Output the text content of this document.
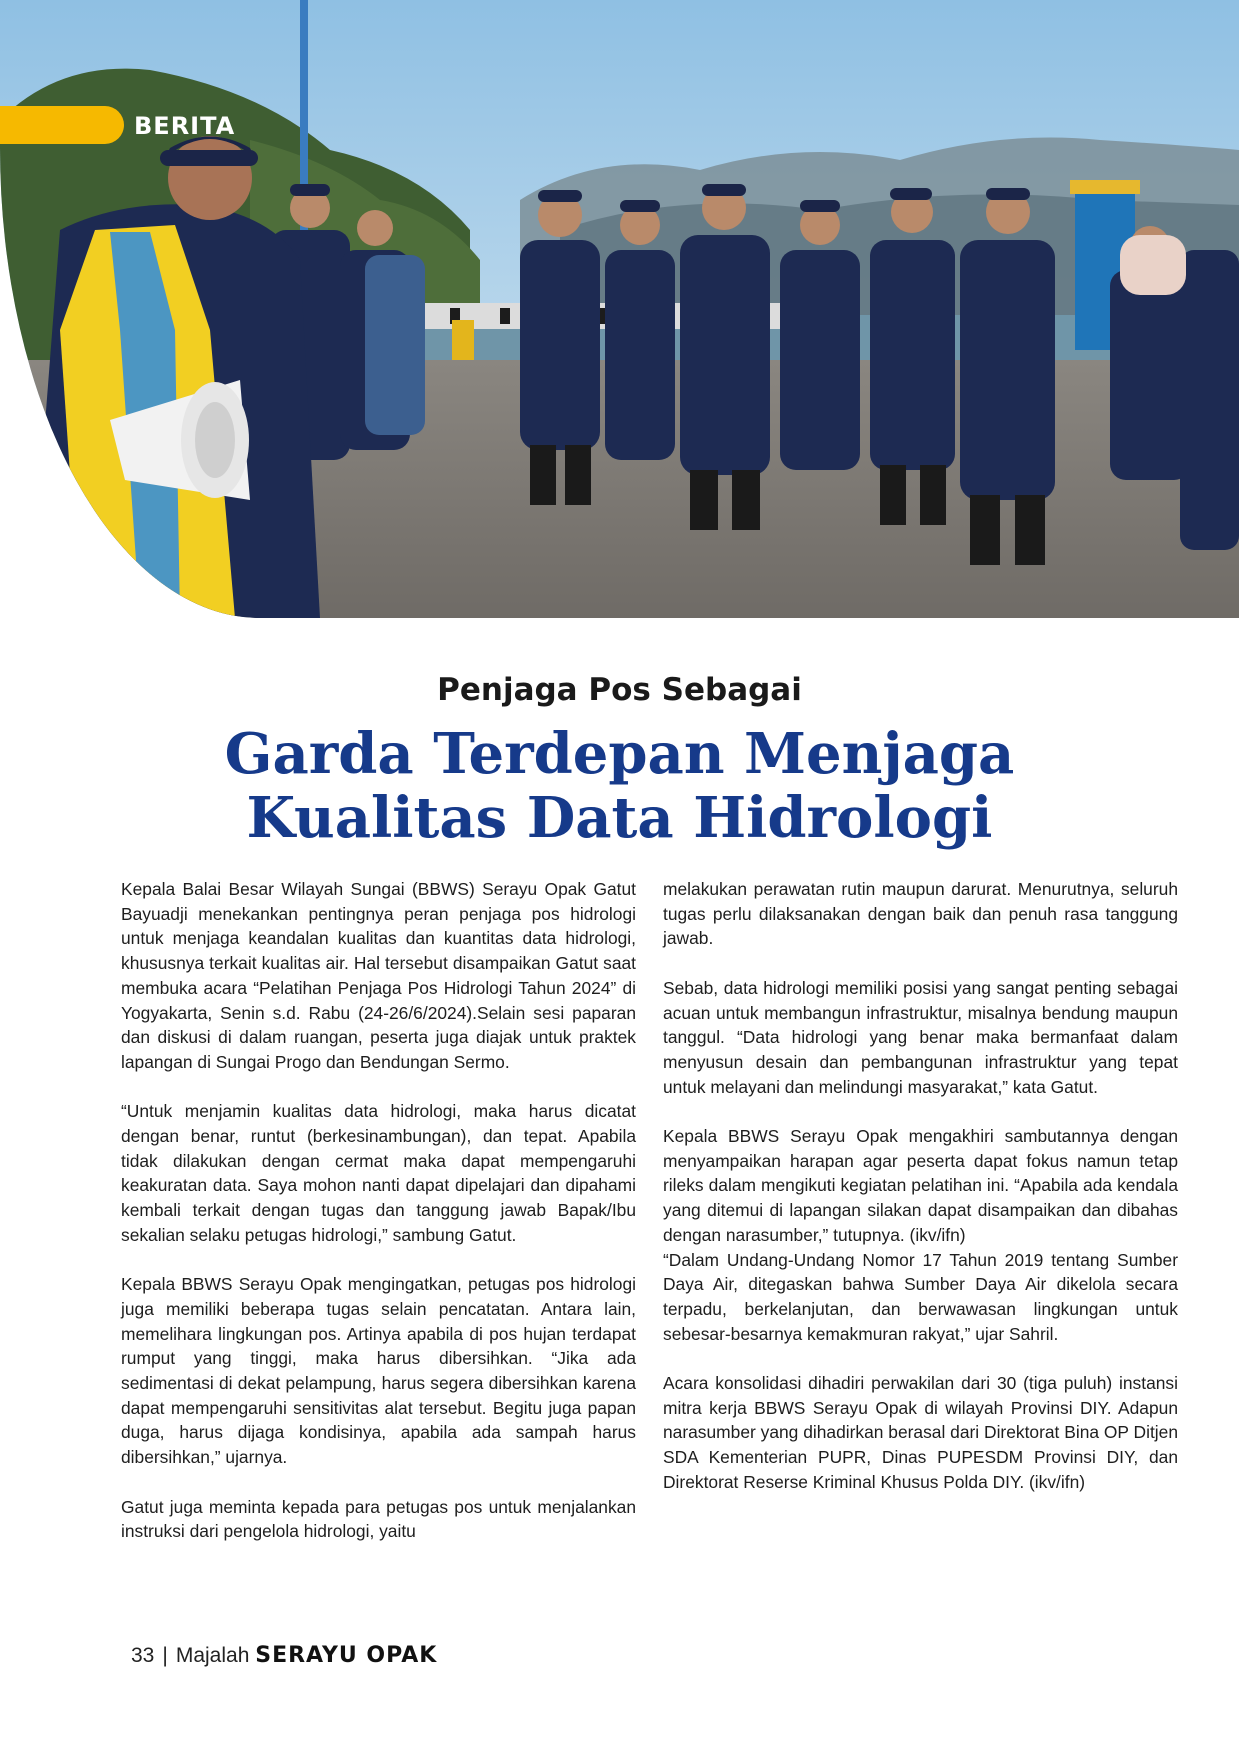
BERITA
Penjaga Pos Sebagai
Garda Terdepan Menjaga
Kualitas Data Hidrologi

Kepala Balai Besar Wilayah Sungai (BBWS) Serayu Opak Gatut Bayuadji menekankan pentingnya peran penjaga pos hidrologi untuk menjaga keandalan kualitas dan kuantitas data hidrologi, khususnya terkait kualitas air. Hal tersebut disampaikan Gatut saat membuka acara “Pelatihan Penjaga Pos Hidrologi Tahun 2024” di Yogyakarta, Senin s.d. Rabu (24-26/6/2024).Selain sesi paparan dan diskusi di dalam ruangan, peserta juga diajak untuk praktek lapangan di Sungai Progo dan Bendungan Sermo.

“Untuk menjamin kualitas data hidrologi, maka harus dicatat dengan benar, runtut (berkesinambungan), dan tepat. Apabila tidak dilakukan dengan cermat maka dapat mempengaruhi keakuratan data. Saya mohon nanti dapat dipelajari dan dipahami kembali terkait dengan tugas dan tanggung jawab Bapak/Ibu sekalian selaku petugas hidrologi,” sambung Gatut.

Kepala BBWS Serayu Opak mengingatkan, petugas pos hidrologi juga memiliki beberapa tugas selain pencatatan. Antara lain, memelihara lingkungan pos. Artinya apabila di pos hujan terdapat rumput yang tinggi, maka harus dibersihkan. “Jika ada sedimentasi di dekat pelampung, harus segera dibersihkan karena dapat mempengaruhi sensitivitas alat tersebut. Begitu juga papan duga, harus dijaga kondisinya, apabila ada sampah harus dibersihkan,” ujarnya.

Gatut juga meminta kepada para petugas pos untuk menjalankan instruksi dari pengelola hidrologi, yaitu

melakukan perawatan rutin maupun darurat. Menurutnya, seluruh tugas perlu dilaksanakan dengan baik dan penuh rasa tanggung jawab.

Sebab, data hidrologi memiliki posisi yang sangat penting sebagai acuan untuk membangun infrastruktur, misalnya bendung maupun tanggul. “Data hidrologi yang benar maka bermanfaat dalam menyusun desain dan pembangunan infrastruktur yang tepat untuk melayani dan melindungi masyarakat,” kata Gatut.

Kepala BBWS Serayu Opak mengakhiri sambutannya dengan menyampaikan harapan agar peserta dapat fokus namun tetap rileks dalam mengikuti kegiatan pelatihan ini. “Apabila ada kendala yang ditemui di lapangan silakan dapat disampaikan dan dibahas dengan narasumber,” tutupnya. (ikv/ifn)

“Dalam Undang-Undang Nomor 17 Tahun 2019 tentang Sumber Daya Air, ditegaskan bahwa Sumber Daya Air dikelola secara terpadu, berkelanjutan, dan berwawasan lingkungan untuk sebesar-besarnya kemakmuran rakyat,” ujar Sahril.

Acara konsolidasi dihadiri perwakilan dari 30 (tiga puluh) instansi mitra kerja BBWS Serayu Opak di wilayah Provinsi DIY. Adapun narasumber yang dihadirkan berasal dari Direktorat Bina OP Ditjen SDA Kementerian PUPR, Dinas PUPESDM Provinsi DIY, dan Direktorat Reserse Kriminal Khusus Polda DIY. (ikv/ifn)

33 | Majalah SERAYU OPAK
